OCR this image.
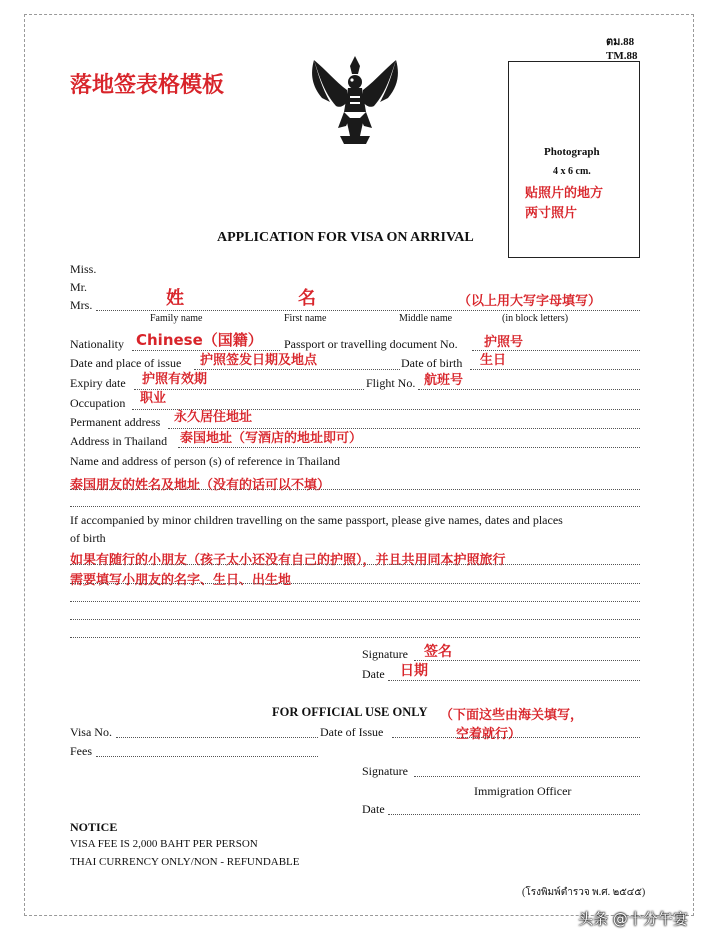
ตม.88
TM.88
落地签表格模板
Photograph
4 x 6 cm.
贴照片的地方
两寸照片
APPLICATION FOR VISA ON ARRIVAL
Miss.
Mr.
Mrs.	姓	名	（以上用大写字母填写）
Family name	First name	Middle name	(in block letters)
Nationality Chinese（国籍） Passport or travelling document No. 护照号
Date and place of issue 护照签发日期及地点	Date of birth 生日
Expiry date 护照有效期	Flight No. 航班号
Occupation 职业
Permanent address 永久居住地址
Address in Thailand 泰国地址（写酒店的地址即可）
Name and address of person (s) of reference in Thailand
泰国朋友的姓名及地址（没有的话可以不填）
If accompanied by minor children travelling on the same passport, please give names, dates and places
of birth
如果有随行的小朋友（孩子太小还没有自己的护照），并且共用同本护照旅行
需要填写小朋友的名字、生日、出生地
Signature 签名
Date 日期
FOR OFFICIAL USE ONLY （下面这些由海关填写，
空着就行）
Visa No.	Date of Issue
Fees
Signature
Immigration Officer
Date
NOTICE
VISA FEE IS 2,000 BAHT PER PERSON
THAI CURRENCY ONLY/NON - REFUNDABLE
(โรงพิมพ์ตำรวจ พ.ศ. ๒๕๔๕)
头条 @十分午宴
